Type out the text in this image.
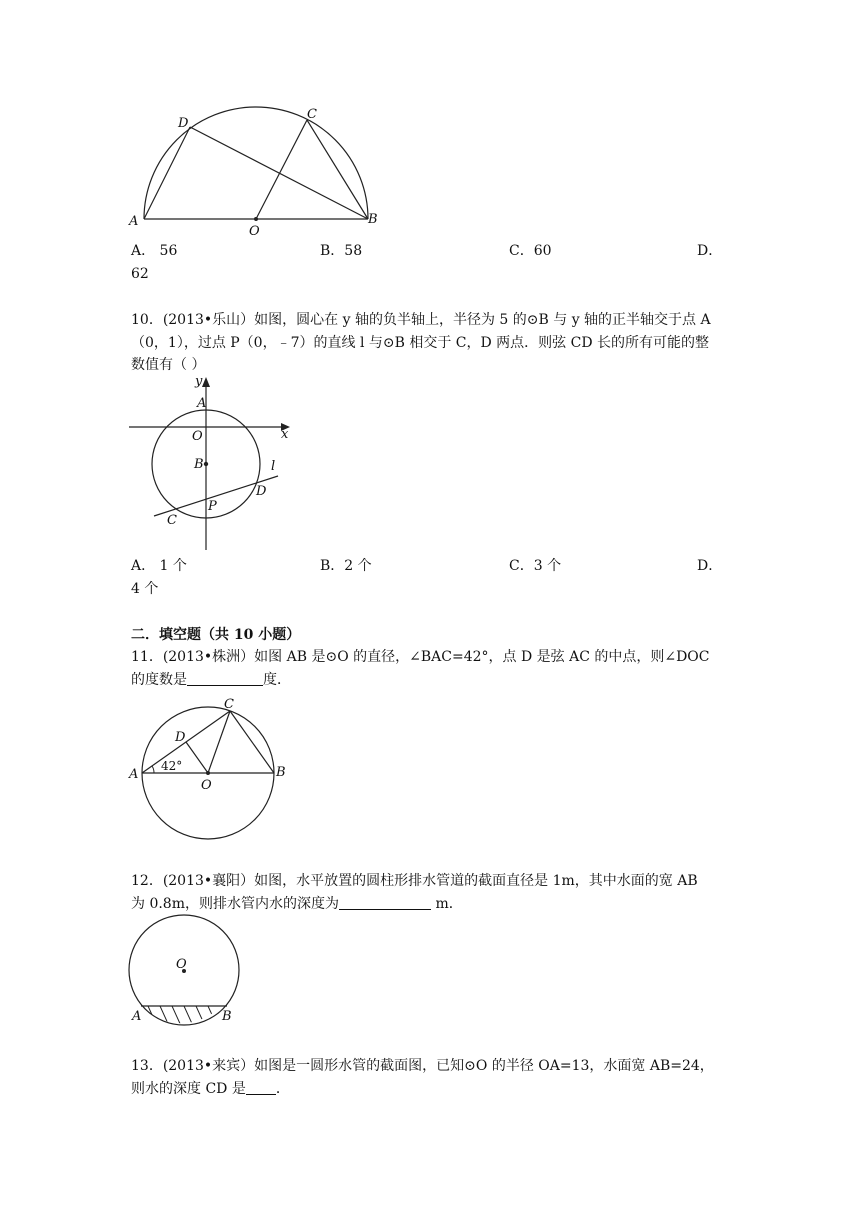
D
C
A
O
B
A． 56	B．58	C．60	D．
62
10．(2013•乐山）如图，圆心在 y 轴的负半轴上，半径为 5 的⊙B 与 y 轴的正半轴交于点 A
（0，1），过点 P（0，﹣7）的直线 l 与⊙B 相交于 C，D 两点．则弦 CD 长的所有可能的整
数值有（ ）
y
x
A
O
B	l
D
P
C
A． 1 个	B．2 个	C．3 个	D．
4 个
二．填空题（共 10 小题）
11．(2013•株洲）如图 AB 是⊙O 的直径，∠BAC=42°，点 D 是弦 AC 的中点，则∠DOC
的度数是	度．
C
D
A
42°
O
B
12．(2013•襄阳）如图，水平放置的圆柱形排水管道的截面直径是 1m，其中水面的宽 AB
为 0.8m，则排水管内水的深度为	m．
O
A	B
13．(2013•来宾）如图是一圆形水管的截面图，已知⊙O 的半径 OA=13，水面宽 AB=24，
则水的深度 CD 是 ．
